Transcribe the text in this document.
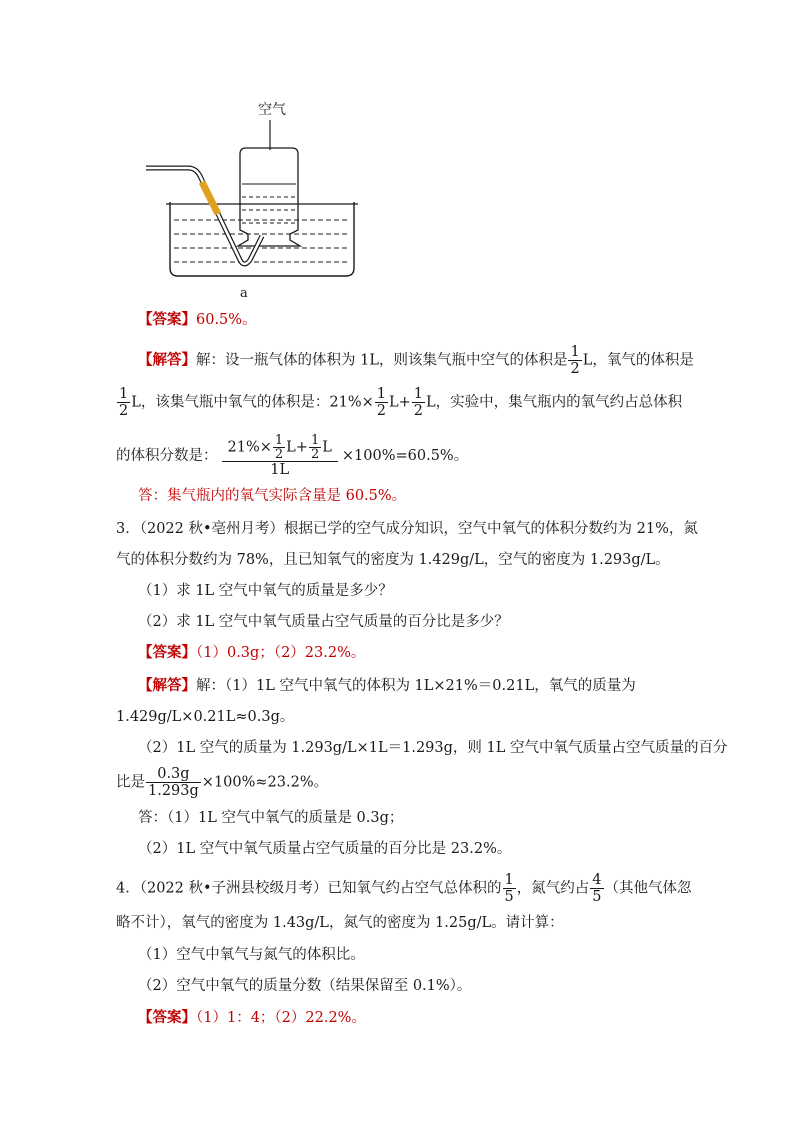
空气
a
【答案】60.5%。
【解答】解：设一瓶气体的体积为 1L，则该集气瓶中空气的体积是 $\frac{1}{2}$ L，氧气的体积是
$\frac{1}{2}$ L，该集气瓶中氧气的体积是：$21\%\times \frac{1}{2} L+ \frac{1}{2}$ L，实验中，集气瓶内的氧气约占总体积
的体积分数是： $\frac{21\%\times \frac{1}{2} L+ \frac{1}{2} L}{1L} \times 100\%=60.5\%$。
答：集气瓶内的氧气实际含量是 60.5%。
3．（2022 秋•亳州月考）根据已学的空气成分知识，空气中氧气的体积分数约为 21%，氮
气的体积分数约为 78%，且已知氧气的密度为 1.429g/L，空气的密度为 1.293g/L。
（1）求 1L 空气中氧气的质量是多少？
（2）求 1L 空气中氧气质量占空气质量的百分比是多少？
【答案】（1）0.3g；（2）23.2%。
【解答】解：（1）1L 空气中氧气的体积为 1L×21%＝0.21L，氧气的质量为
1.429g/L×0.21L≈0.3g。
（2）1L 空气的质量为 1.293g/L×1L＝1.293g，则 1L 空气中氧气质量占空气质量的百分
比是 $\frac{0.3g}{1.293g} \times 100\%\approx 23.2\%$。
答：（1）1L 空气中氧气的质量是 0.3g；
（2）1L 空气中氧气质量占空气质量的百分比是 23.2%。
4．（2022 秋•子洲县校级月考）已知氧气约占空气总体积的 $\frac{1}{5}$ ，氮气约占 $\frac{4}{5}$ （其他气体忽
略不计），氧气的密度为 1.43g/L，氮气的密度为 1.25g/L。请计算：
（1）空气中氧气与氮气的体积比。
（2）空气中氧气的质量分数（结果保留至 0.1%）。
【答案】（1）1：4；（2）22.2%。
